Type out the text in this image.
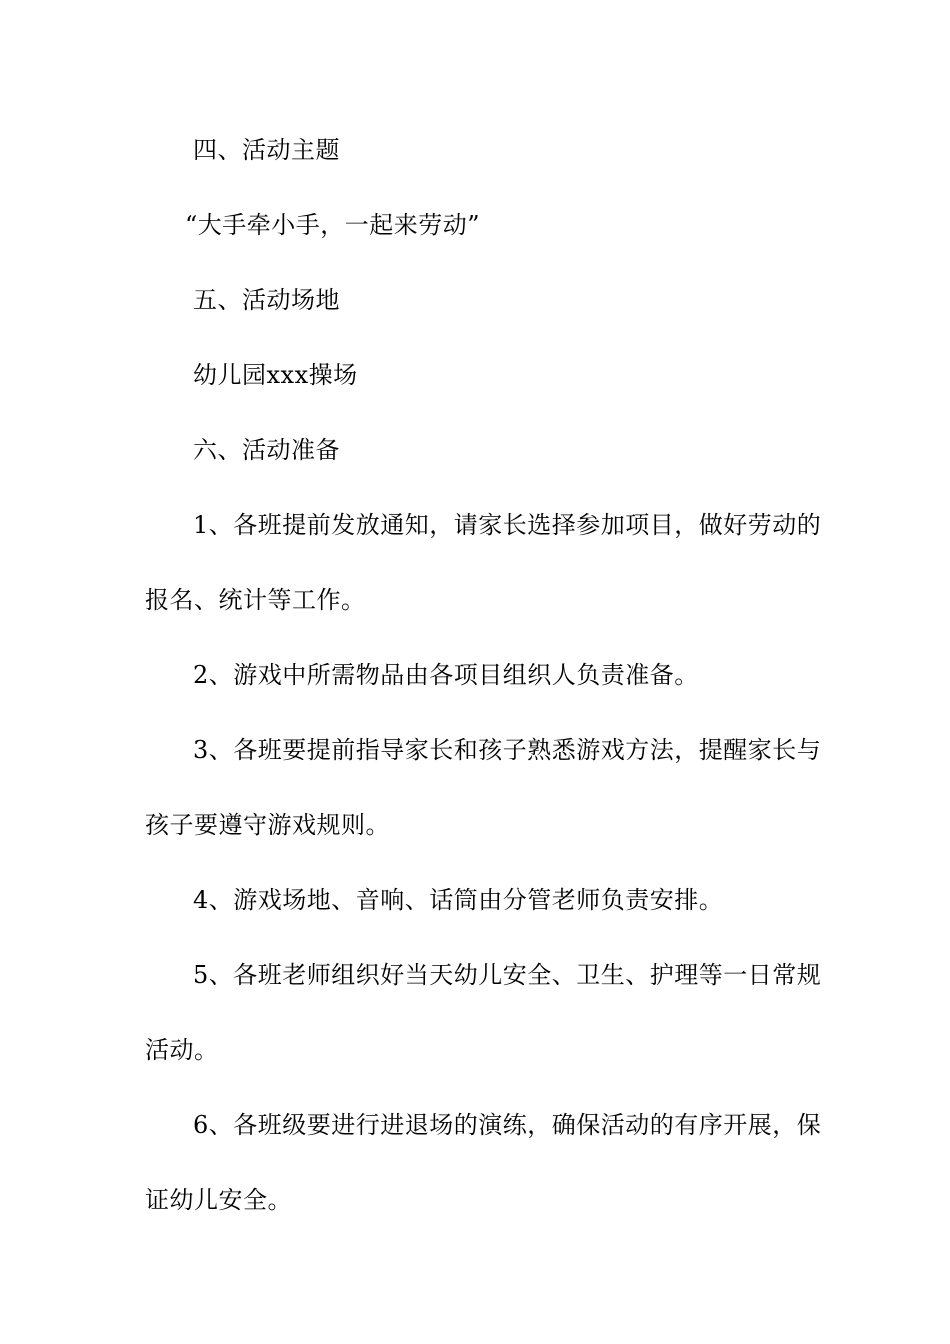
四、活动主题
“大手牵小手，一起来劳动”
五、活动场地
幼儿园xxx操场
六、活动准备
1、各班提前发放通知，请家长选择参加项目，做好劳动的
报名、统计等工作。
2、游戏中所需物品由各项目组织人负责准备。
3、各班要提前指导家长和孩子熟悉游戏方法，提醒家长与
孩子要遵守游戏规则。
4、游戏场地、音响、话筒由分管老师负责安排。
5、各班老师组织好当天幼儿安全、卫生、护理等一日常规
活动。
6、各班级要进行进退场的演练，确保活动的有序开展，保
证幼儿安全。
